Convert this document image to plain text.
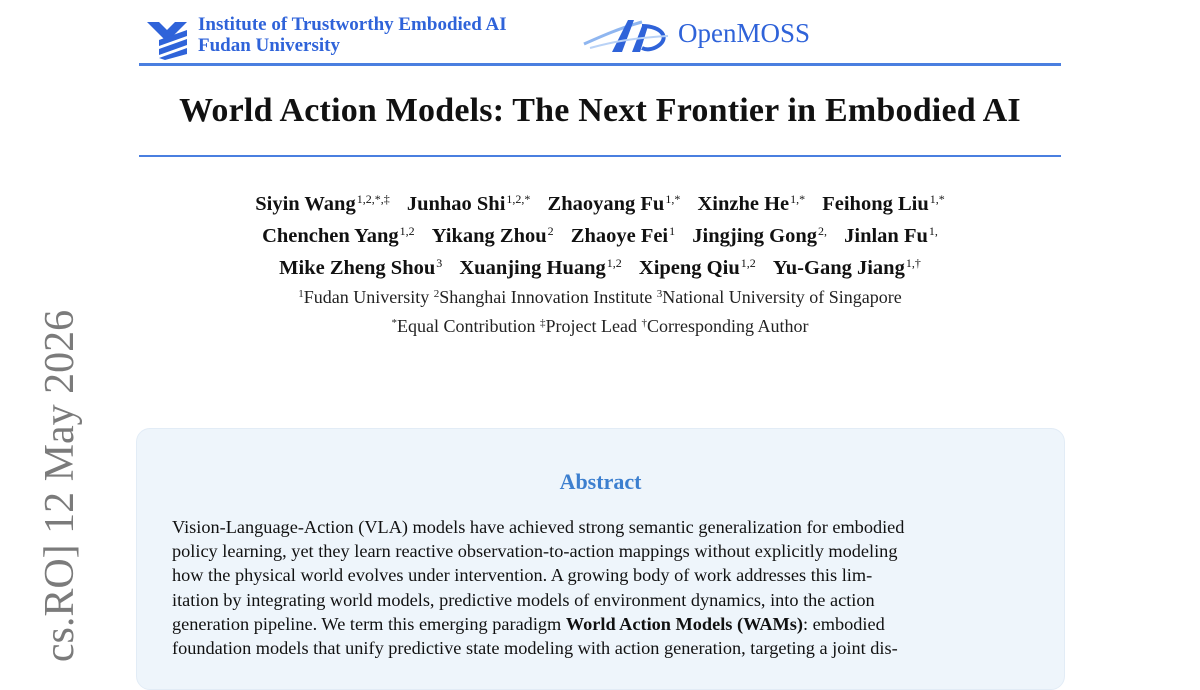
Institute of Trustworthy Embodied AI
Fudan University	OpenMOSS
World Action Models: The Next Frontier in Embodied AI
Siyin Wang$^{1,2,*,\ddagger}$ Junhao Shi$^{1,2,*}$ Zhaoyang $Fu^{1,*}$ Xinzhe $He^{1,*}$ Feihong Liu$^{1,*}$
Chenchen Yang$^{1,2}$ Yikang Zhou$^2$ Zhaoye Fei$^1$ Jingjing Gong$^{2,}$ Jinlan $Fu^{1,}$
Mike Zheng Shou$^3$ Xuanjing Huang$^{1,2}$ Xipeng Qiu$^{1,2}$ Yu-Gang Jiang$^{1,\dagger}$
$^1$Fudan University $^2$Shanghai Innovation Institute $^3$National University of Singapore
*Equal Contribution ‡Project Lead †Corresponding Author
cs.RO] 12 May 2026	Abstract
Vision-Language-Action (VLA) models have achieved strong semantic generalization for embodied
policy learning, yet they learn reactive observation-to-action mappings without explicitly modeling
how the physical world evolves under intervention. A growing body of work addresses this lim-
itation by integrating world models, predictive models of environment dynamics, into the action
generation pipeline. We term this emerging paradigm World Action Models (WAMs): embodied
foundation models that unify predictive state modeling with action generation, targeting a joint dis-
